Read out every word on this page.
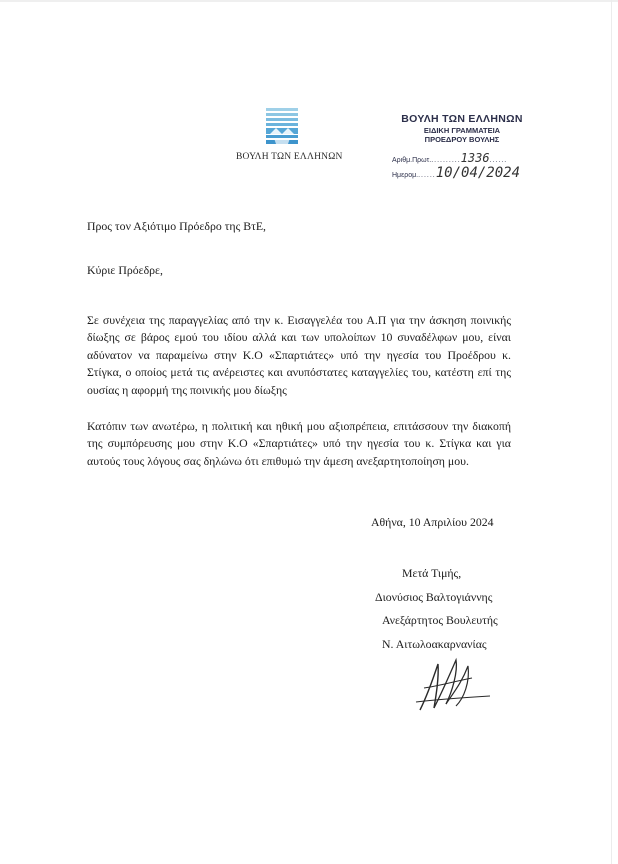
ΒΟΥΛΗ ΤΩΝ ΕΛΛΗΝΩΝ
ΒΟΥΛΗ ΤΩΝ ΕΛΛΗΝΩΝ
ΕΙΔΙΚΗ ΓΡΑΜΜΑΤΕΙΑ
ΠΡΟΕΔΡΟΥ ΒΟΥΛΗΣ
Αριθμ.Πρωτ...........1336......
Ημερομ.......10/04/2024
Προς τον Αξιότιμο Πρόεδρο της ΒτΕ,
Κύριε Πρόεδρε,
Σε συνέχεια της παραγγελίας από την κ. Εισαγγελέα του Α.Π για την άσκηση ποινικής δίωξης σε βάρος εμού του ιδίου αλλά και των υπολοίπων 10 συναδέλφων μου, είναι αδύνατον να παραμείνω στην Κ.Ο «Σπαρτιάτες» υπό την ηγεσία του Προέδρου κ. Στίγκα, ο οποίος μετά τις ανέρειστες και ανυπόστατες καταγγελίες του, κατέστη επί της ουσίας η αφορμή της ποινικής μου δίωξης
Κατόπιν των ανωτέρω, η πολιτική και ηθική μου αξιοπρέπεια, επιτάσσουν την διακοπή της συμπόρευσης μου στην Κ.Ο «Σπαρτιάτες» υπό την ηγεσία του κ. Στίγκα και για αυτούς τους λόγους σας δηλώνω ότι επιθυμώ την άμεση ανεξαρτητοποίηση μου.
Αθήνα, 10 Απριλίου 2024
Μετά Τιμής,
Διονύσιος Βαλτογιάννης
Ανεξάρτητος Βουλευτής
Ν. Αιτωλοακαρνανίας
